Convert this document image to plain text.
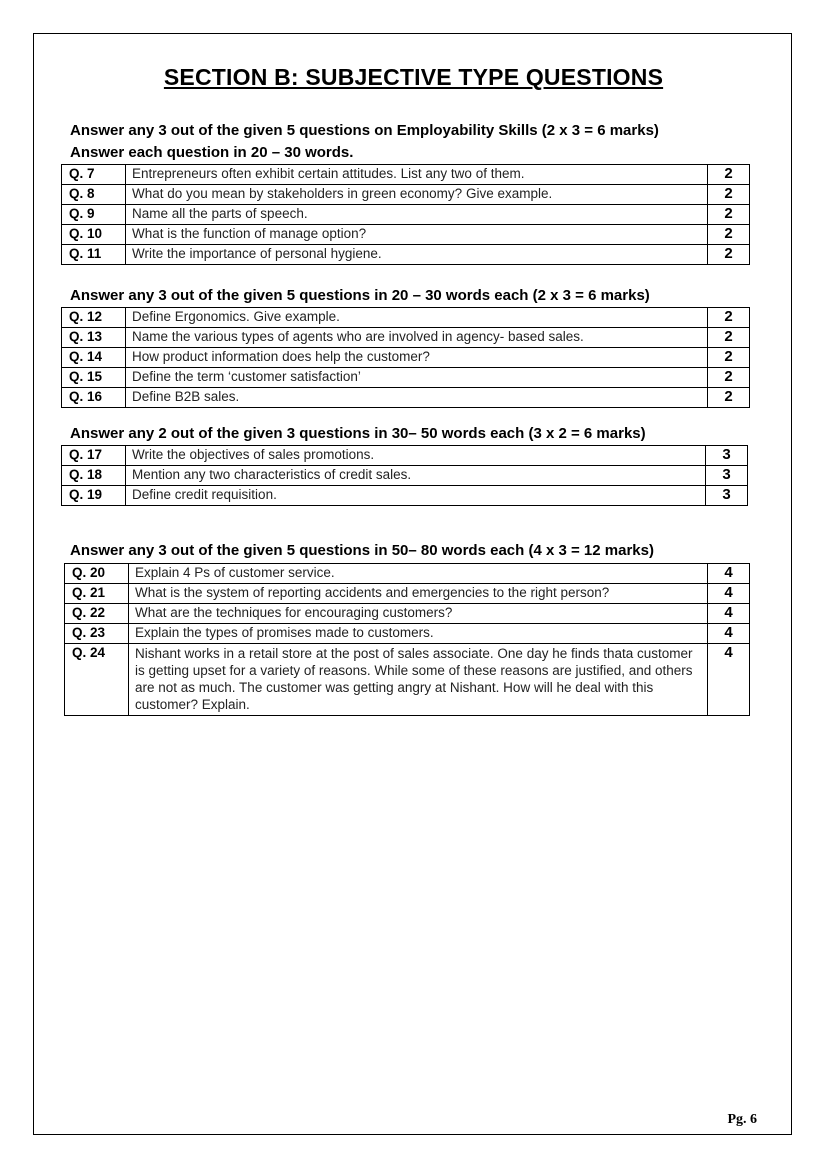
SECTION B: SUBJECTIVE TYPE QUESTIONS
Answer any 3 out of the given 5 questions on Employability Skills (2 x 3 = 6 marks)
Answer each question in 20 – 30 words.
Q. 7	Entrepreneurs often exhibit certain attitudes. List any two of them.	2
Q. 8	What do you mean by stakeholders in green economy? Give example.	2
Q. 9	Name all the parts of speech.	2
Q. 10	What is the function of manage option?	2
Q. 11	Write the importance of personal hygiene.	2
Answer any 3 out of the given 5 questions in 20 – 30 words each (2 x 3 = 6 marks)
Q. 12	Define Ergonomics. Give example.	2
Q. 13	Name the various types of agents who are involved in agency- based sales.	2
Q. 14	How product information does help the customer?	2
Q. 15	Define the term ‘customer satisfaction’	2
Q. 16	Define B2B sales.	2
Answer any 2 out of the given 3 questions in 30– 50 words each (3 x 2 = 6 marks)
Q. 17	Write the objectives of sales promotions.	3
Q. 18	Mention any two characteristics of credit sales.	3
Q. 19	Define credit requisition.	3
Answer any 3 out of the given 5 questions in 50– 80 words each (4 x 3 = 12 marks)
Q. 20	Explain 4 Ps of customer service.	4
Q. 21	What is the system of reporting accidents and emergencies to the right person?	4
Q. 22	What are the techniques for encouraging customers?	4
Q. 23	Explain the types of promises made to customers.	4
Q. 24	Nishant works in a retail store at the post of sales associate. One day he finds thata customer is getting upset for a variety of reasons. While some of these reasons are justified, and others are not as much. The customer was getting angry at Nishant. How will he deal with this customer? Explain.	4
Pg. 6
